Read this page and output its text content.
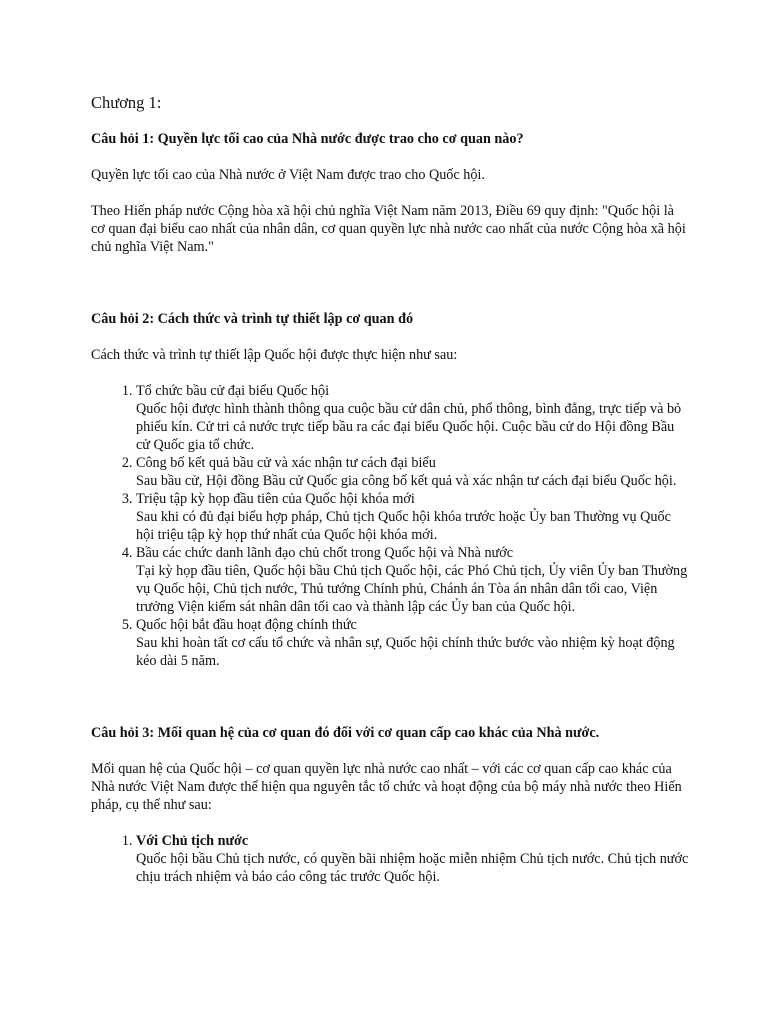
Chương 1:
Câu hỏi 1: Quyền lực tối cao của Nhà nước được trao cho cơ quan nào?
Quyền lực tối cao của Nhà nước ở Việt Nam được trao cho Quốc hội.
Theo Hiến pháp nước Cộng hòa xã hội chủ nghĩa Việt Nam năm 2013, Điều 69 quy định: "Quốc hội là cơ quan đại biểu cao nhất của nhân dân, cơ quan quyền lực nhà nước cao nhất của nước Cộng hòa xã hội chủ nghĩa Việt Nam."
Câu hỏi 2: Cách thức và trình tự thiết lập cơ quan đó
Cách thức và trình tự thiết lập Quốc hội được thực hiện như sau:
1. Tổ chức bầu cử đại biểu Quốc hội
Quốc hội được hình thành thông qua cuộc bầu cử dân chủ, phổ thông, bình đẳng, trực tiếp và bỏ phiếu kín. Cử tri cả nước trực tiếp bầu ra các đại biểu Quốc hội. Cuộc bầu cử do Hội đồng Bầu cử Quốc gia tổ chức.
2. Công bố kết quả bầu cử và xác nhận tư cách đại biểu
Sau bầu cử, Hội đồng Bầu cử Quốc gia công bố kết quả và xác nhận tư cách đại biểu Quốc hội.
3. Triệu tập kỳ họp đầu tiên của Quốc hội khóa mới
Sau khi có đủ đại biểu hợp pháp, Chủ tịch Quốc hội khóa trước hoặc Ủy ban Thường vụ Quốc hội triệu tập kỳ họp thứ nhất của Quốc hội khóa mới.
4. Bầu các chức danh lãnh đạo chủ chốt trong Quốc hội và Nhà nước
Tại kỳ họp đầu tiên, Quốc hội bầu Chủ tịch Quốc hội, các Phó Chủ tịch, Ủy viên Ủy ban Thường vụ Quốc hội, Chủ tịch nước, Thủ tướng Chính phủ, Chánh án Tòa án nhân dân tối cao, Viện trưởng Viện kiểm sát nhân dân tối cao và thành lập các Ủy ban của Quốc hội.
5. Quốc hội bắt đầu hoạt động chính thức
Sau khi hoàn tất cơ cấu tổ chức và nhân sự, Quốc hội chính thức bước vào nhiệm kỳ hoạt động kéo dài 5 năm.
Câu hỏi 3: Mối quan hệ của cơ quan đó đối với cơ quan cấp cao khác của Nhà nước.
Mối quan hệ của Quốc hội – cơ quan quyền lực nhà nước cao nhất – với các cơ quan cấp cao khác của Nhà nước Việt Nam được thể hiện qua nguyên tắc tổ chức và hoạt động của bộ máy nhà nước theo Hiến pháp, cụ thể như sau:
1. Với Chủ tịch nước
Quốc hội bầu Chủ tịch nước, có quyền bãi nhiệm hoặc miễn nhiệm Chủ tịch nước. Chủ tịch nước chịu trách nhiệm và báo cáo công tác trước Quốc hội.
